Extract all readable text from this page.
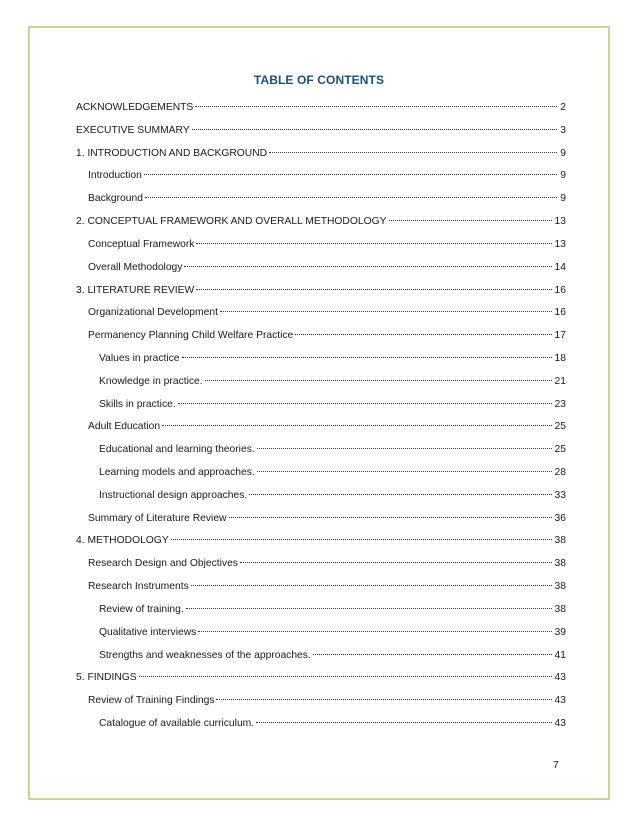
TABLE OF CONTENTS
ACKNOWLEDGEMENTS	2
EXECUTIVE SUMMARY	3
1. INTRODUCTION AND BACKGROUND	9
Introduction	9
Background	9
2. CONCEPTUAL FRAMEWORK AND OVERALL METHODOLOGY	13
Conceptual Framework	13
Overall Methodology	14
3. LITERATURE REVIEW	16
Organizational Development	16
Permanency Planning Child Welfare Practice	17
Values in practice	18
Knowledge in practice.	21
Skills in practice.	23
Adult Education	25
Educational and learning theories.	25
Learning models and approaches.	28
Instructional design approaches.	33
Summary of Literature Review	36
4. METHODOLOGY	38
Research Design and Objectives	38
Research Instruments	38
Review of training.	38
Qualitative interviews	39
Strengths and weaknesses of the approaches.	41
5. FINDINGS	43
Review of Training Findings	43
Catalogue of available curriculum.	43
7
